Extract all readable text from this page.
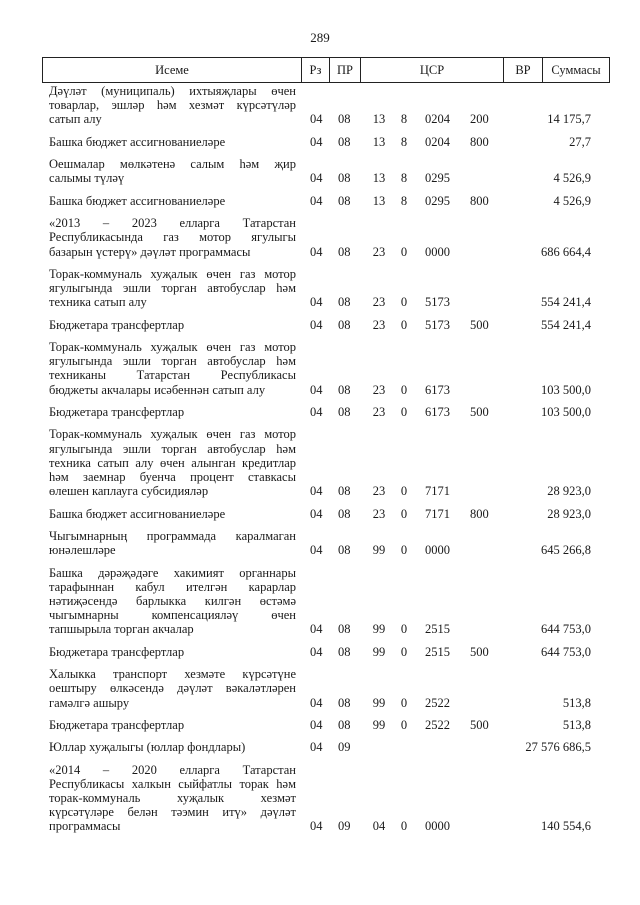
289
Исеме	Рз	ПР	ЦСР	ВР	Суммасы
Дәүләт (муниципаль) ихтыяҗлары өчен
товарлар, эшләр һәм хезмәт күрсәтүләр
сатып алу	04 08 13 8 0204 200	14 175,7
Башка бюджет ассигнованиеләре	04 08 13 8 0204 800	27,7
Оешмалар мөлкәтенә салым һәм җир
салымы түләү	04 08 13 8 0295	4 526,9
Башка бюджет ассигнованиеләре	04 08 13 8 0295 800	4 526,9
«2013 – 2023 елларга Татарстан
Республикасында газ мотор ягулыгы
базарын үстерү» дәүләт программасы	04 08 23 0 0000	686 664,4
Торак-коммуналь хуҗалык өчен газ мотор
ягулыгында эшли торган автобуслар һәм
техника сатып алу	04 08 23 0 5173	554 241,4
Бюджетара трансфертлар	04 08 23 0 5173 500	554 241,4
Торак-коммуналь хуҗалык өчен газ мотор
ягулыгында эшли торган автобуслар һәм
техниканы Татарстан Республикасы
бюджеты акчалары исәбеннән сатып алу	04 08 23 0 6173	103 500,0
Бюджетара трансфертлар	04 08 23 0 6173 500	103 500,0
Торак-коммуналь хуҗалык өчен газ мотор
ягулыгында эшли торган автобуслар һәм
техника сатып алу өчен алынган кредитлар
һәм заемнар буенча процент ставкасы
өлешен каплауга субсидияләр	04 08 23 0 7171	28 923,0
Башка бюджет ассигнованиеләре	04 08 23 0 7171 800	28 923,0
Чыгымнарның программада каралмаган
юнәлешләре	04 08 99 0 0000	645 266,8
Башка дәрәҗәдәге хакимият органнары
тарафыннан кабул ителгән карарлар
нәтиҗәсендә барлыкка килгән өстәмә
чыгымнарны компенсацияләү өчен
тапшырыла торган акчалар	04 08 99 0 2515	644 753,0
Бюджетара трансфертлар	04 08 99 0 2515 500	644 753,0
Халыкка транспорт хезмәте күрсәтүне
оештыру өлкәсендә дәүләт вәкаләтләрен
гамәлгә ашыру	04 08 99 0 2522	513,8
Бюджетара трансфертлар	04 08 99 0 2522 500	513,8
Юллар хуҗалыгы (юллар фондлары)	04 09	27 576 686,5
«2014 – 2020 елларга Татарстан
Республикасы халкын сыйфатлы торак һәм
торак-коммуналь хуҗалык хезмәт
күрсәтүләре белән тәэмин итү» дәүләт
программасы	04 09 04 0 0000	140 554,6
